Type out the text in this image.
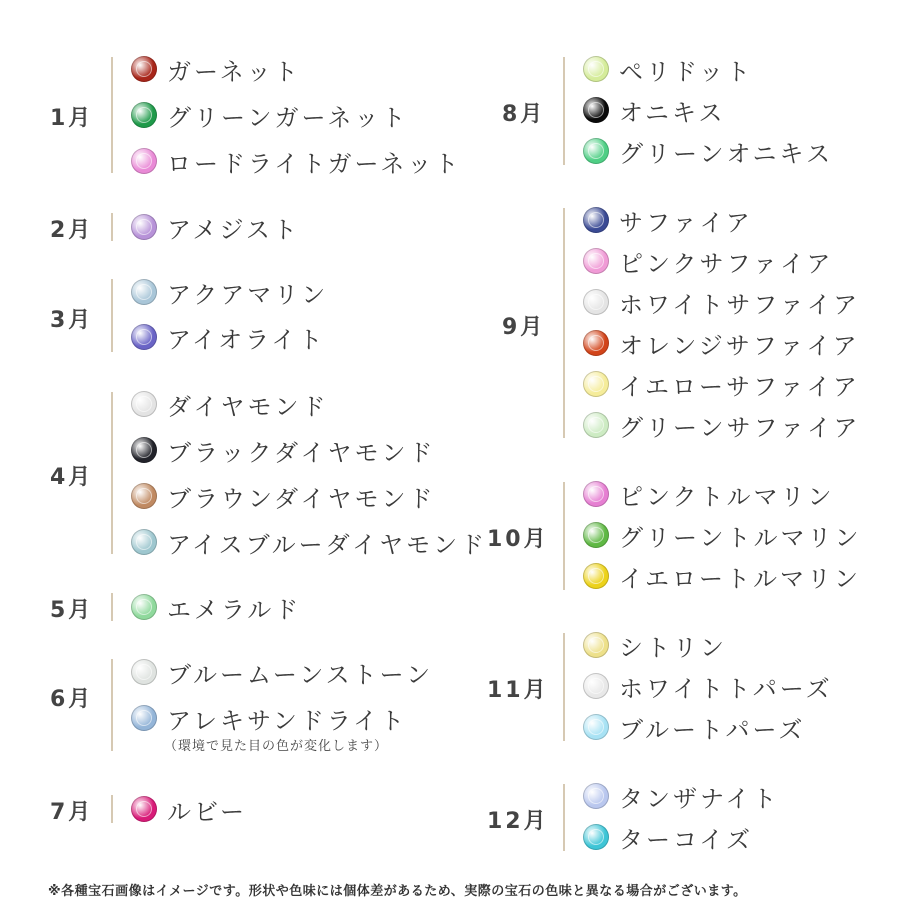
1月
ガーネット
グリーンガーネット
ロードライトガーネット
2月	アメジスト
3月
アクアマリン
アイオライト
4月
ダイヤモンド
ブラックダイヤモンド
ブラウンダイヤモンド
アイスブルーダイヤモンド
5月	エメラルド
6月
ブルームーンストーン
アレキサンドライト
（環境で見た目の色が変化します）
7月	ルビー
8月
ペリドット
オニキス
グリーンオニキス
9月
サファイア
ピンクサファイア
ホワイトサファイア
オレンジサファイア
イエローサファイア
グリーンサファイア
10月
ピンクトルマリン
グリーントルマリン
イエロートルマリン
11月
シトリン
ホワイトトパーズ
ブルートパーズ
12月
タンザナイト
ターコイズ
※各種宝石画像はイメージです。形状や色味には個体差があるため、実際の宝石の色味と異なる場合がございます。
